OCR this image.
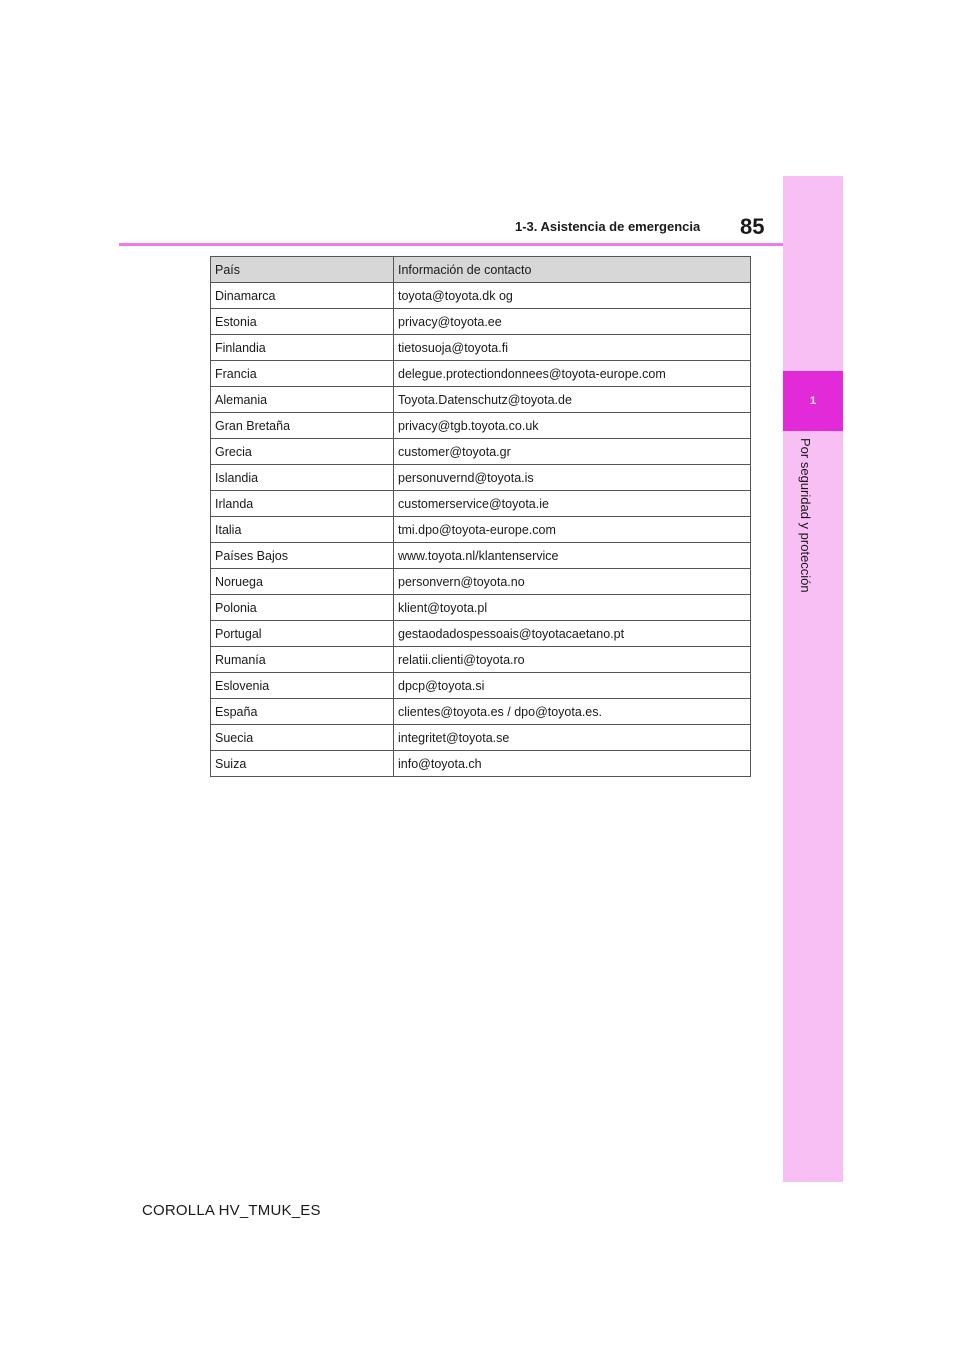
1
Por seguridad y protección
1-3. Asistencia de emergencia 85
País	Información de contacto
Dinamarca	toyota@toyota.dk og
Estonia	privacy@toyota.ee
Finlandia	tietosuoja@toyota.fi
Francia	delegue.protectiondonnees@toyota-europe.com
Alemania	Toyota.Datenschutz@toyota.de
Gran Bretaña	privacy@tgb.toyota.co.uk
Grecia	customer@toyota.gr
Islandia	personuvernd@toyota.is
Irlanda	customerservice@toyota.ie
Italia	tmi.dpo@toyota-europe.com
Países Bajos	www.toyota.nl/klantenservice
Noruega	personvern@toyota.no
Polonia	klient@toyota.pl
Portugal	gestaodadospessoais@toyotacaetano.pt
Rumanía	relatii.clienti@toyota.ro
Eslovenia	dpcp@toyota.si
España	clientes@toyota.es / dpo@toyota.es.
Suecia	integritet@toyota.se
Suiza	info@toyota.ch
COROLLA HV_TMUK_ES
